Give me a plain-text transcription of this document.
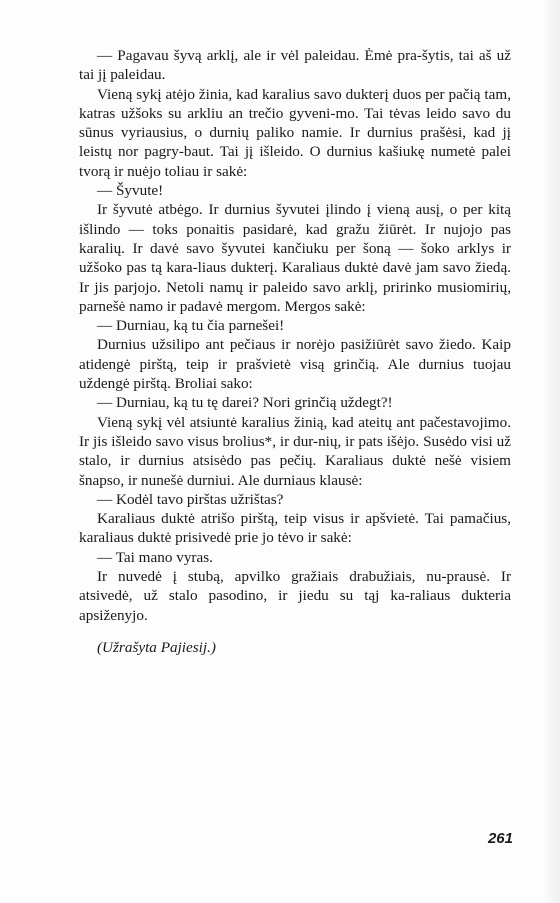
— Pagavau šyvą arklį, ale ir vėl paleidau. Ėmė pra-šytis, tai aš už tai jį paleidau.

Vieną sykį atėjo žinia, kad karalius savo dukterį duos per pačią tam, katras užšoks su arkliu an trečio gyveni-mo. Tai tėvas leido savo du sūnus vyriausius, o durnių paliko namie. Ir durnius prašėsi, kad jį leistų nor pagry-baut. Tai jį išleido. O durnius kašiukę numetė palei tvorą ir nuėjo toliau ir sakė:

— Šyvute!

Ir šyvutė atbėgo. Ir durnius šyvutei įlindo į vieną ausį, o per kitą išlindo — toks ponaitis pasidarė, kad gražu žiūrėt. Ir nujojo pas karalių. Ir davė savo šyvutei kančiuku per šoną — šoko arklys ir užšoko pas tą kara-liaus dukterį. Karaliaus duktė davė jam savo žiedą. Ir jis parjojo. Netoli namų ir paleido savo arklį, pririnko musiomirių, parnešė namo ir padavė mergom. Mergos sakė:

— Durniau, ką tu čia parnešei!

Durnius užsilipo ant pečiaus ir norėjo pasižiūrėt savo žiedo. Kaip atidengė pirštą, teip ir prašvietė visą grinčią. Ale durnius tuojau uždengė pirštą. Broliai sako:

— Durniau, ką tu tę darei? Nori grinčią uždegt?!

Vieną sykį vėl atsiuntė karalius žinią, kad ateitų ant pačestavojimo. Ir jis išleido savo visus brolius*, ir dur-nių, ir pats išėjo. Susėdo visi už stalo, ir durnius atsisėdo pas pečių. Karaliaus duktė nešė visiem šnapso, ir nunešė durniui. Ale durniaus klausė:

— Kodėl tavo pirštas užrištas?

Karaliaus duktė atrišo pirštą, teip visus ir apšvietė. Tai pamačius, karaliaus duktė prisivedė prie jo tėvo ir sakė:

— Tai mano vyras.

Ir nuvedė į stubą, apvilko gražiais drabužiais, nu-prausė. Ir atsivedė, už stalo pasodino, ir jiedu su tąj ka-raliaus dukteria apsiženyjo.

(Užrašyta Pajiesij.)

261
